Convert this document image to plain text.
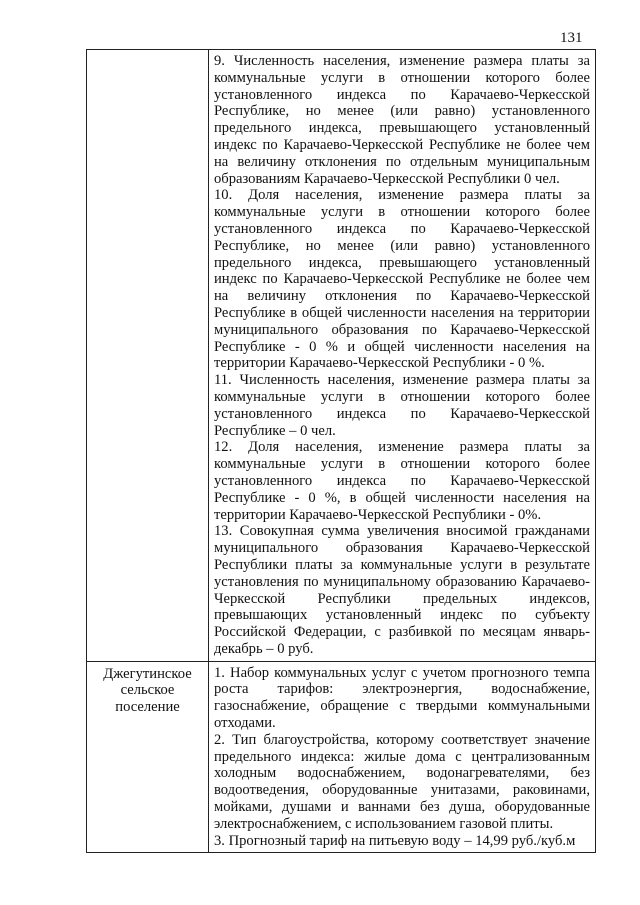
131

	9. Численность населения, изменение размера платы за коммунальные услуги в отношении которого более установленного индекса по Карачаево-Черкесской Республике, но менее (или равно) установленного предельного индекса, превышающего установленный индекс по Карачаево-Черкесской Республике не более чем на величину отклонения по отдельным муниципальным образованиям Карачаево-Черкесской Республики 0 чел.

10. Доля населения, изменение размера платы за коммунальные услуги в отношении которого более установленного индекса по Карачаево-Черкесской Республике, но менее (или равно) установленного предельного индекса, превышающего установленный индекс по Карачаево-Черкесской Республике не более чем на величину отклонения по Карачаево-Черкесской Республике в общей численности населения на территории муниципального образования по Карачаево-Черкесской Республике - 0 % и общей численности населения на территории Карачаево-Черкесской Республики - 0 %.

11. Численность населения, изменение размера платы за коммунальные услуги в отношении которого более установленного индекса по Карачаево-Черкесской Республике – 0 чел.

12. Доля населения, изменение размера платы за коммунальные услуги в отношении которого более установленного индекса по Карачаево-Черкесской Республике - 0 %, в общей численности населения на территории Карачаево-Черкесской Республики - 0%.

13. Совокупная сумма увеличения вносимой гражданами муниципального образования Карачаево-Черкесской Республики платы за коммунальные услуги в результате установления по муниципальному образованию Карачаево-Черкесской Республики предельных индексов, превышающих установленный индекс по субъекту Российской Федерации, с разбивкой по месяцам январь-декабрь – 0 руб.

Джегутинское сельское поселение	1. Набор коммунальных услуг с учетом прогнозного темпа роста тарифов: электроэнергия, водоснабжение, газоснабжение, обращение с твердыми коммунальными отходами.

2. Тип благоустройства, которому соответствует значение предельного индекса: жилые дома с централизованным холодным водоснабжением, водонагревателями, без водоотведения, оборудованные унитазами, раковинами, мойками, душами и ваннами без душа, оборудованные электроснабжением, с использованием газовой плиты.

3. Прогнозный тариф на питьевую воду – 14,99 руб./куб.м
